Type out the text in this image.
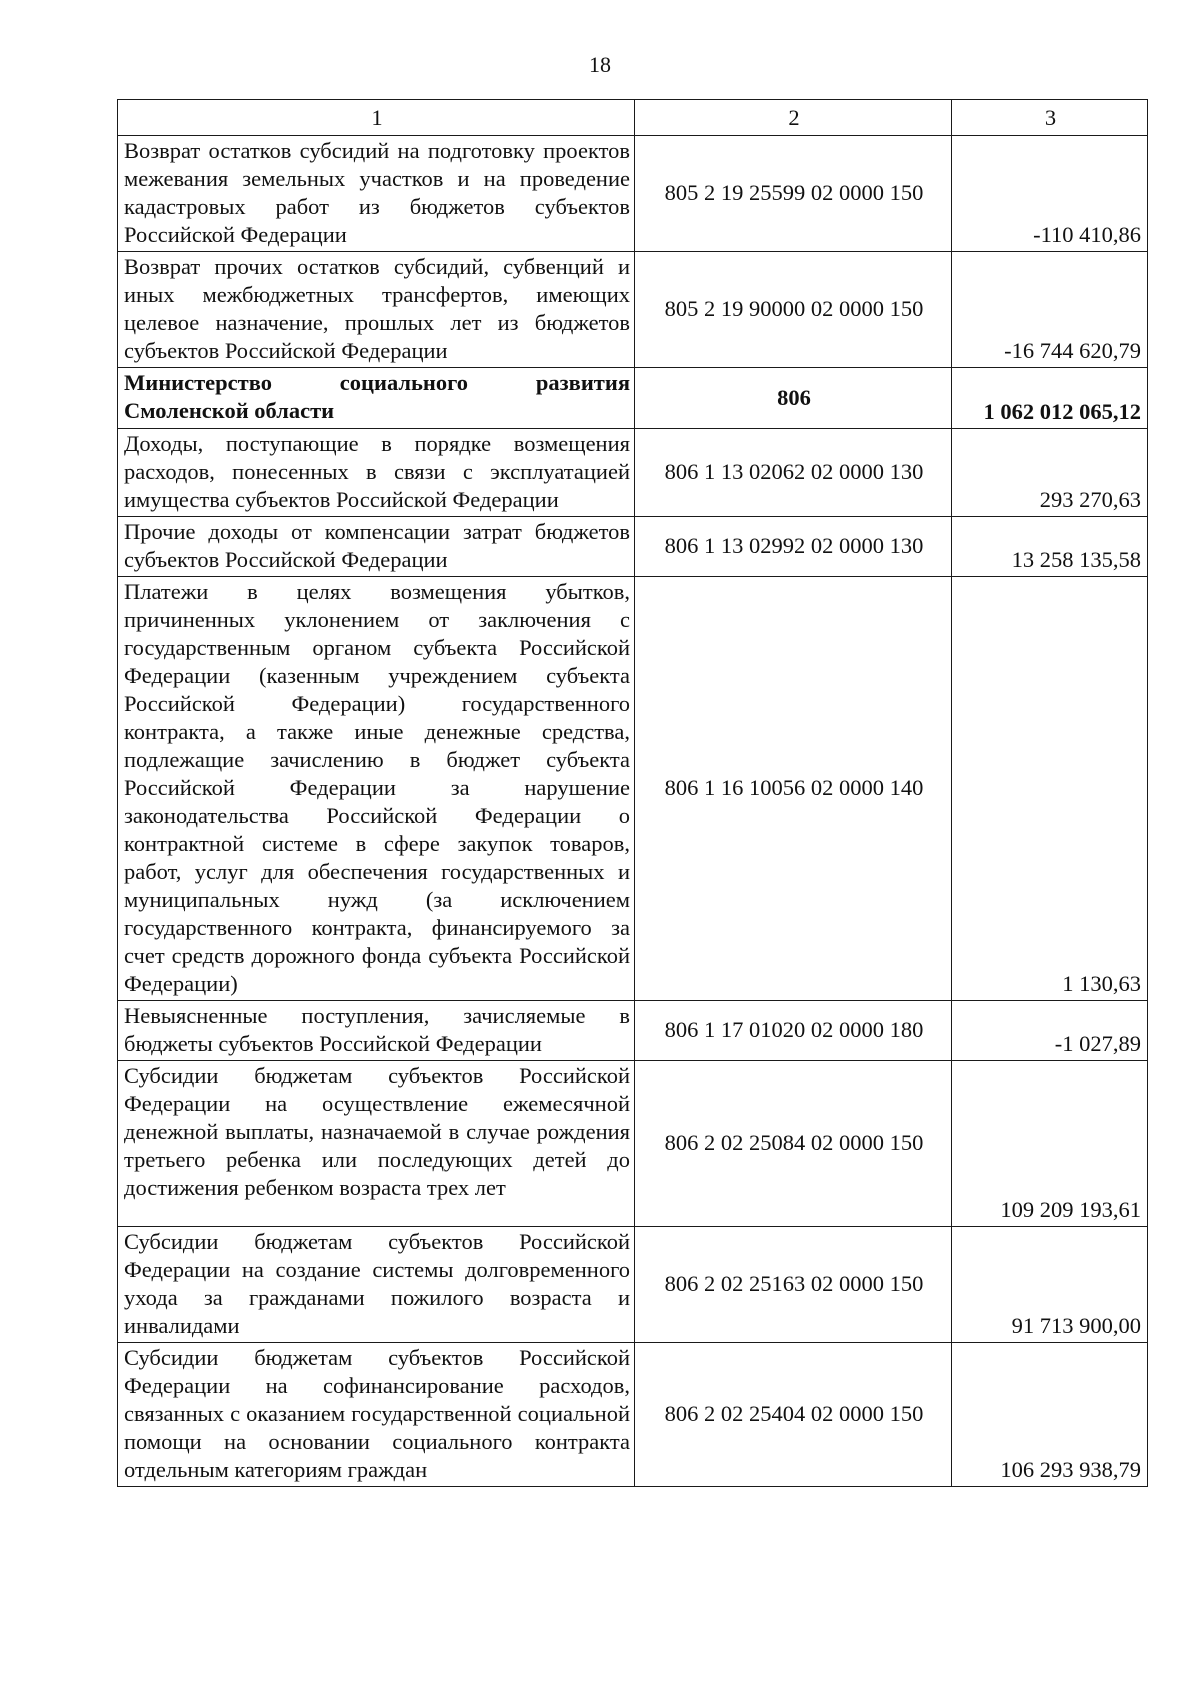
18
1	2	3
Возврат остатков субсидий на подготовку проектов межевания земельных участков и на проведение кадастровых работ из бюджетов субъектов Российской Федерации	805 2 19 25599 02 0000 150	-110 410,86
Возврат прочих остатков субсидий, субвенций и иных межбюджетных трансфертов, имеющих целевое назначение, прошлых лет из бюджетов субъектов Российской Федерации	805 2 19 90000 02 0000 150	-16 744 620,79
Министерство социального развития Смоленской области	806	1 062 012 065,12
Доходы, поступающие в порядке возмещения расходов, понесенных в связи с эксплуатацией имущества субъектов Российской Федерации	806 1 13 02062 02 0000 130	293 270,63
Прочие доходы от компенсации затрат бюджетов субъектов Российской Федерации	806 1 13 02992 02 0000 130	13 258 135,58
Платежи в целях возмещения убытков, причиненных уклонением от заключения с государственным органом субъекта Российской Федерации (казенным учреждением субъекта Российской Федерации) государственного контракта, а также иные денежные средства, подлежащие зачислению в бюджет субъекта Российской Федерации за нарушение законодательства Российской Федерации о контрактной системе в сфере закупок товаров, работ, услуг для обеспечения государственных и муниципальных нужд (за исключением государственного контракта, финансируемого за счет средств дорожного фонда субъекта Российской Федерации)	806 1 16 10056 02 0000 140	1 130,63
Невыясненные поступления, зачисляемые в бюджеты субъектов Российской Федерации	806 1 17 01020 02 0000 180	-1 027,89
Субсидии бюджетам субъектов Российской Федерации на осуществление ежемесячной денежной выплаты, назначаемой в случае рождения третьего ребенка или последующих детей до достижения ребенком возраста трех лет	806 2 02 25084 02 0000 150	109 209 193,61
Субсидии бюджетам субъектов Российской Федерации на создание системы долговременного ухода за гражданами пожилого возраста и инвалидами	806 2 02 25163 02 0000 150	91 713 900,00
Субсидии бюджетам субъектов Российской Федерации на софинансирование расходов, связанных с оказанием государственной социальной помощи на основании социального контракта отдельным категориям граждан	806 2 02 25404 02 0000 150	106 293 938,79
